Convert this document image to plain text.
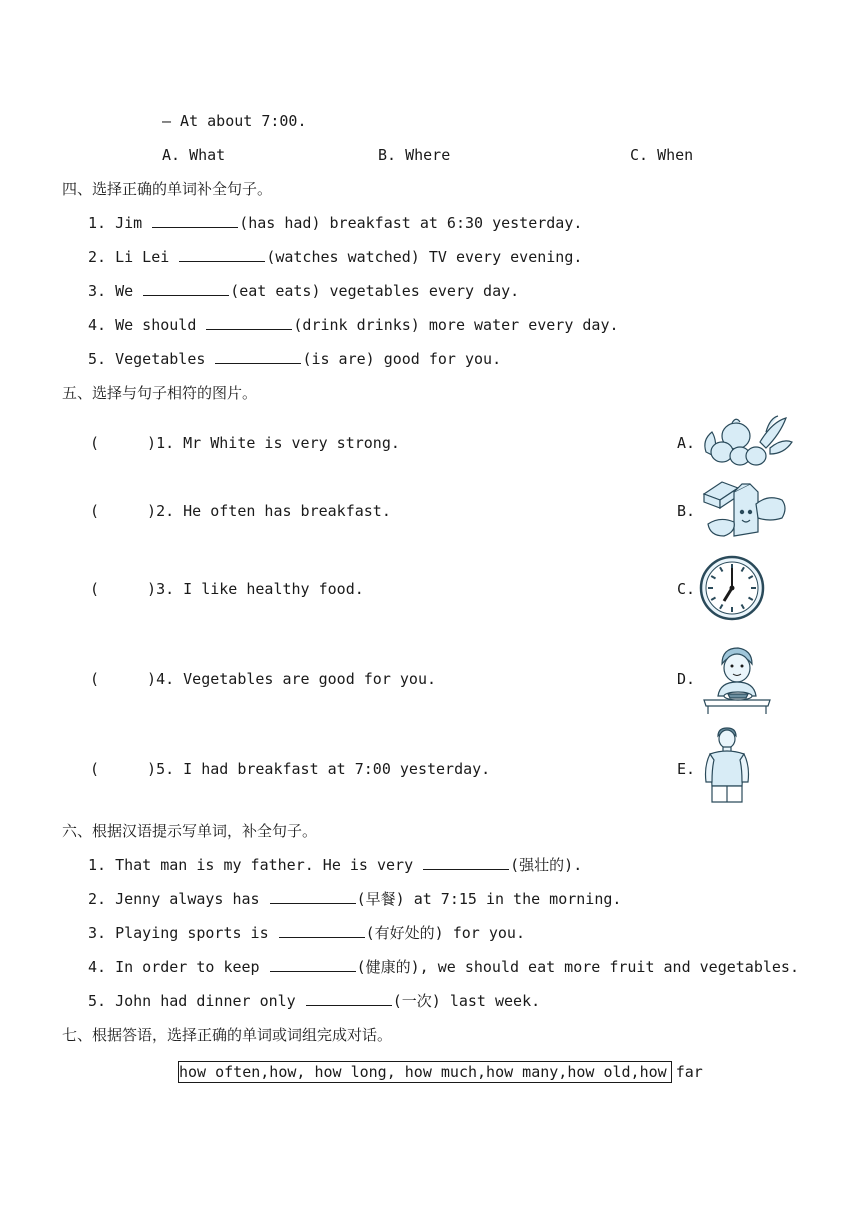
— At about 7:00.
A. What	B. Where	C. When
四、选择正确的单词补全句子。
1. Jim	(has had) breakfast at 6:30 yesterday.
2. Li Lei	(watches watched) TV every evening.
3. We	(eat eats) vegetables every day.
4. We should	(drink drinks) more water every day.
5. Vegetables	(is are) good for you.
五、选择与句子相符的图片。
(	)1. Mr White is very strong.
(	)2. He often has breakfast.
(	)3. I like healthy food.
(	)4. Vegetables are good for you.
(	)5. I had breakfast at 7:00 yesterday.
A.
B.
C.
D.
E.
六、根据汉语提示写单词，补全句子。
1. That man is my father. He is very	(强壮的).
2. Jenny always has	(早餐) at 7:15 in the morning.
3. Playing sports is	(有好处的) for you.
4. In order to keep	(健康的), we should eat more fruit and vegetables.
5. John had dinner only	(一次) last week.
七、根据答语，选择正确的单词或词组完成对话。
how often,how, how long, how much,how many,how old,how far
